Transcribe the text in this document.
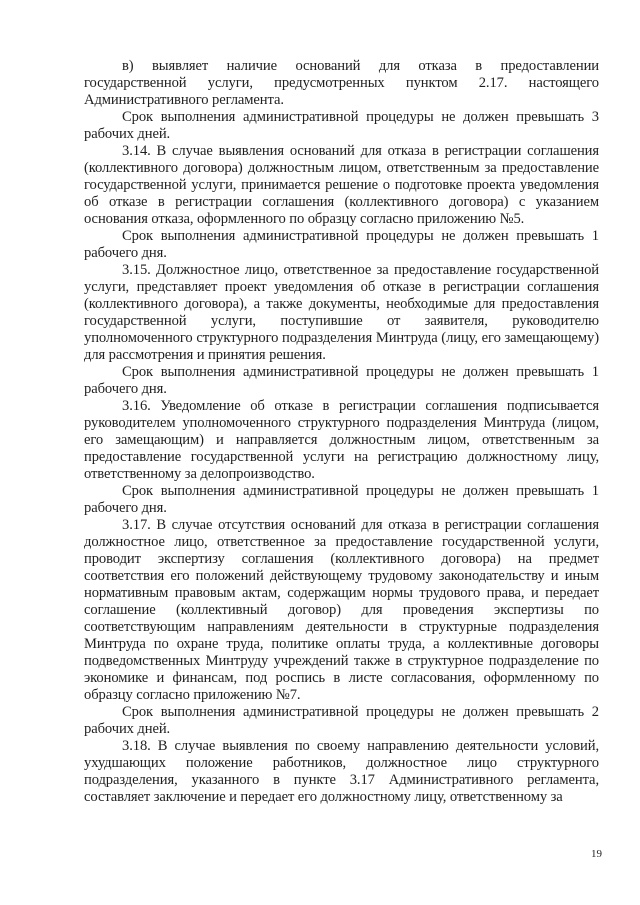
в) выявляет наличие оснований для отказа в предоставлении государственной услуги, предусмотренных пунктом 2.17. настоящего Административного регламента.

Срок выполнения административной процедуры не должен превышать 3 рабочих дней.

3.14. В случае выявления оснований для отказа в регистрации соглашения (коллективного договора) должностным лицом, ответственным за предоставление государственной услуги, принимается решение о подготовке проекта уведомления об отказе в регистрации соглашения (коллективного договора) с указанием основания отказа, оформленного по образцу согласно приложению №5.

Срок выполнения административной процедуры не должен превышать 1 рабочего дня.

3.15. Должностное лицо, ответственное за предоставление государственной услуги, представляет проект уведомления об отказе в регистрации соглашения (коллективного договора), а также документы, необходимые для предоставления государственной услуги, поступившие от заявителя, руководителю уполномоченного структурного подразделения Минтруда (лицу, его замещающему) для рассмотрения и принятия решения.

Срок выполнения административной процедуры не должен превышать 1 рабочего дня.

3.16. Уведомление об отказе в регистрации соглашения подписывается руководителем уполномоченного структурного подразделения Минтруда (лицом, его замещающим) и направляется должностным лицом, ответственным за предоставление государственной услуги на регистрацию должностному лицу, ответственному за делопроизводство.

Срок выполнения административной процедуры не должен превышать 1 рабочего дня.

3.17. В случае отсутствия оснований для отказа в регистрации соглашения должностное лицо, ответственное за предоставление государственной услуги, проводит экспертизу соглашения (коллективного договора) на предмет соответствия его положений действующему трудовому законодательству и иным нормативным правовым актам, содержащим нормы трудового права, и передает соглашение (коллективный договор) для проведения экспертизы по соответствующим направлениям деятельности в структурные подразделения Минтруда по охране труда, политике оплаты труда, а коллективные договоры подведомственных Минтруду учреждений также в структурное подразделение по экономике и финансам, под роспись в листе согласования, оформленному по образцу согласно приложению №7.

Срок выполнения административной процедуры не должен превышать 2 рабочих дней.

3.18. В случае выявления по своему направлению деятельности условий, ухудшающих положение работников, должностное лицо структурного подразделения, указанного в пункте 3.17 Административного регламента, составляет заключение и передает его должностному лицу, ответственному за

19
